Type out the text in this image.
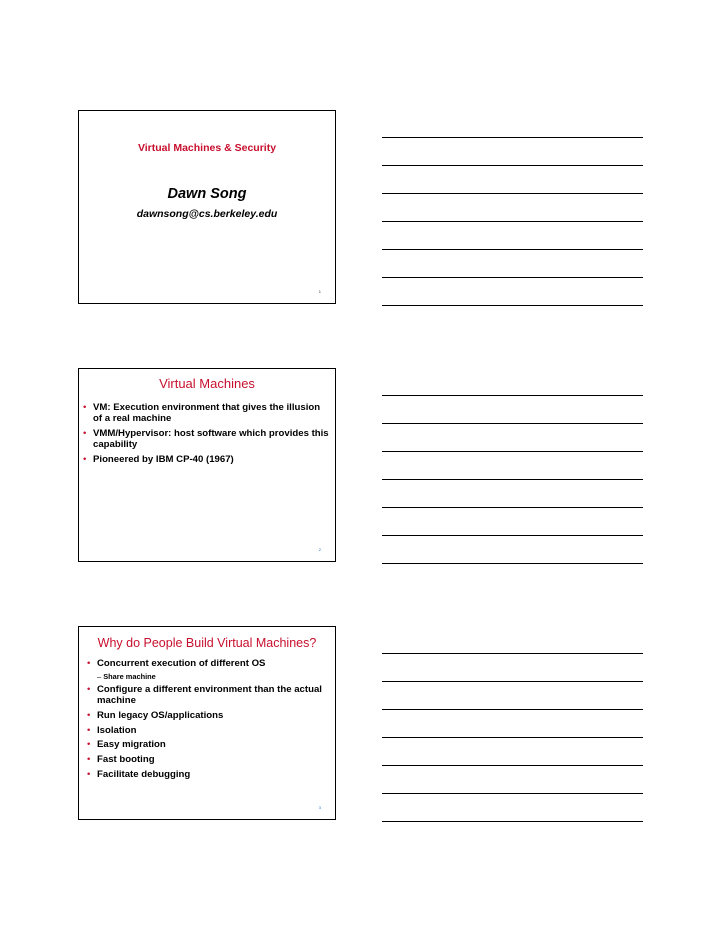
Virtual Machines & Security
Dawn Song
dawnsong@cs.berkeley.edu
1
Virtual Machines
• VM: Execution environment that gives the illusion of a real machine
• VMM/Hypervisor: host software which provides this capability
• Pioneered by IBM CP-40 (1967)
2
Why do People Build Virtual Machines?
• Concurrent execution of different OS
– Share machine
• Configure a different environment than the actual machine
• Run legacy OS/applications
• Isolation
• Easy migration
• Fast booting
• Facilitate debugging
3
